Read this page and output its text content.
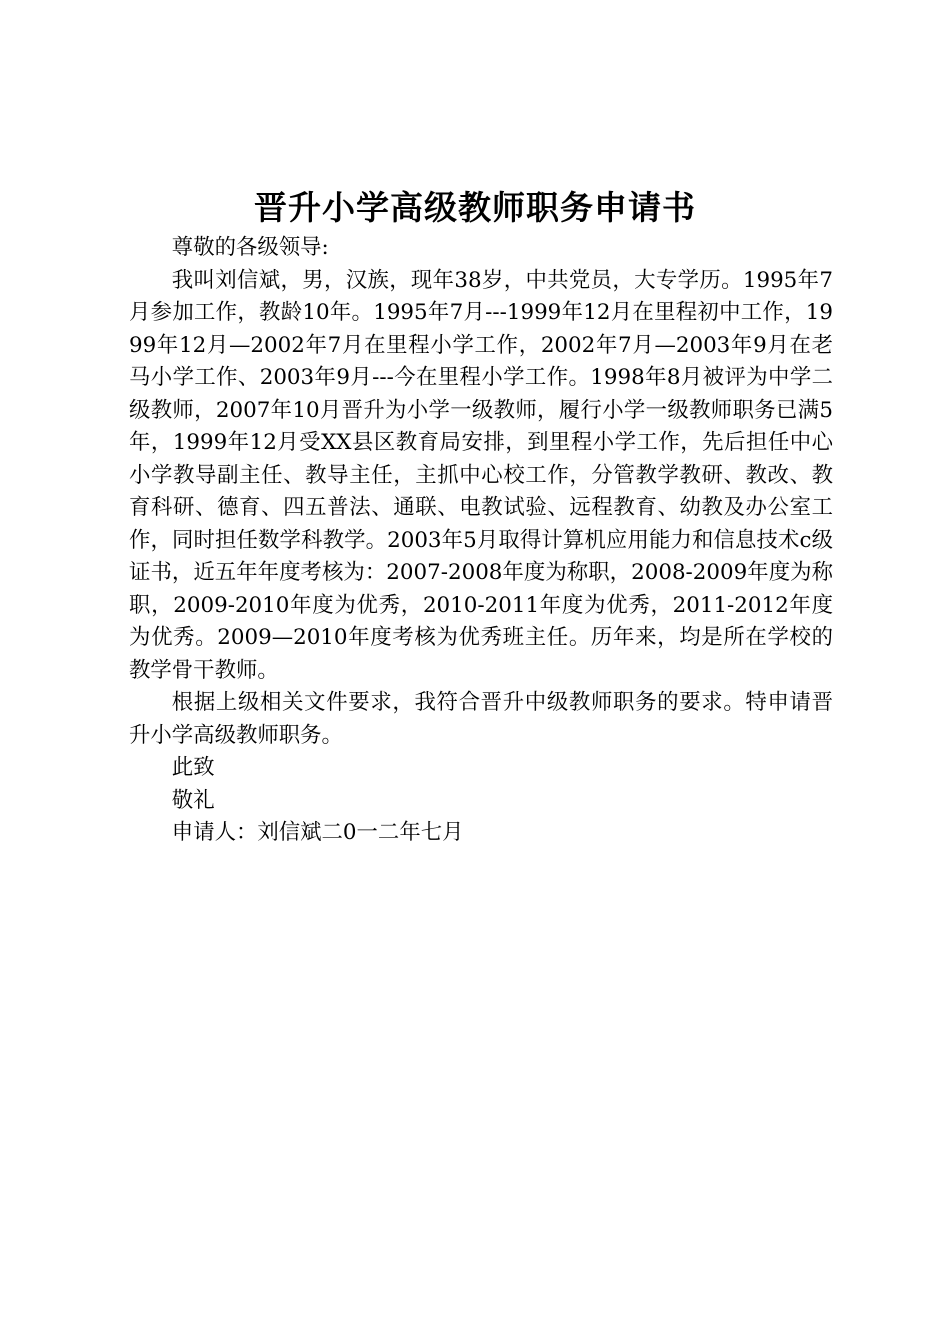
晋升小学高级教师职务申请书

尊敬的各级领导:

我叫刘信斌，男，汉族，现年38岁，中共党员，大专学历。1995年7月参加工作，教龄10年。1995年7月---1999年12月在里程初中工作，1999年12月—2002年7月在里程小学工作，2002年7月—2003年9月在老马小学工作、2003年9月---今在里程小学工作。1998年8月被评为中学二级教师，2007年10月晋升为小学一级教师，履行小学一级教师职务已满5年，1999年12月受XX县区教育局安排，到里程小学工作，先后担任中心小学教导副主任、教导主任，主抓中心校工作，分管教学教研、教改、教育科研、德育、四五普法、通联、电教试验、远程教育、幼教及办公室工作，同时担任数学科教学。2003年5月取得计算机应用能力和信息技术c级证书，近五年年度考核为：2007-2008年度为称职，2008-2009年度为称职，2009-2010年度为优秀，2010-2011年度为优秀，2011-2012年度为优秀。2009—2010年度考核为优秀班主任。历年来，均是所在学校的教学骨干教师。

根据上级相关文件要求，我符合晋升中级教师职务的要求。特申请晋升小学高级教师职务。

此致

敬礼

申请人：刘信斌二0一二年七月
